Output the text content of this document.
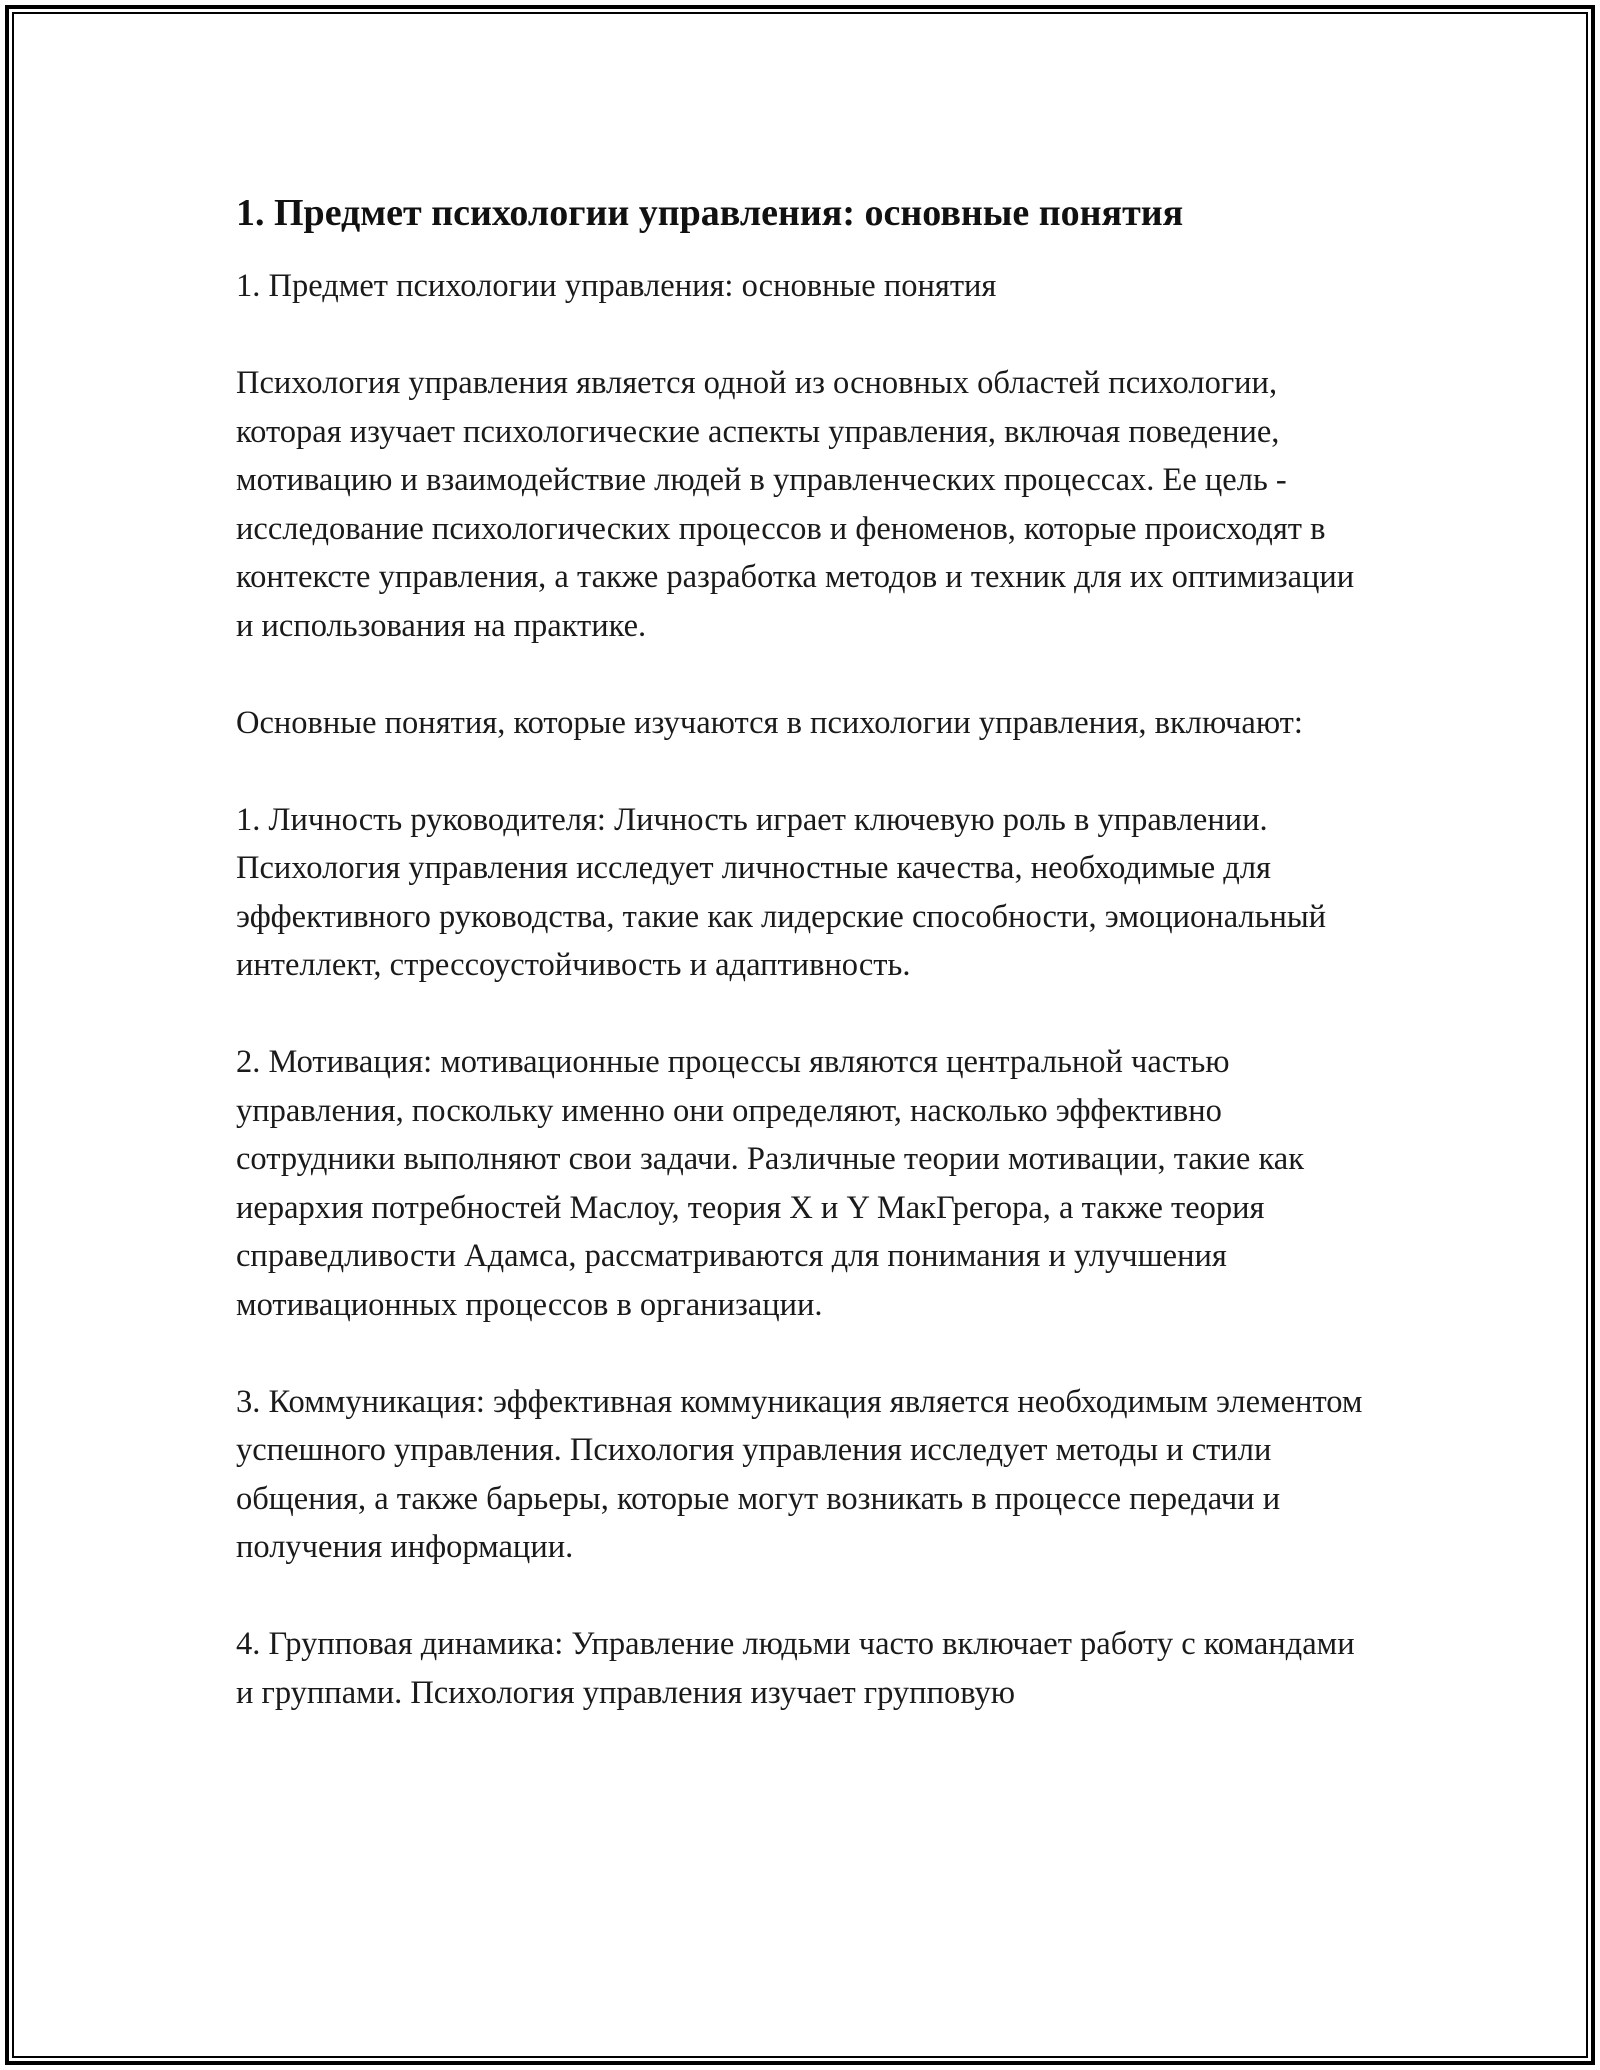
1. Предмет психологии управления: основные понятия

1. Предмет психологии управления: основные понятия

Психология управления является одной из основных областей психологии, которая изучает психологические аспекты управления, включая поведение, мотивацию и взаимодействие людей в управленческих процессах. Ее цель - исследование психологических процессов и феноменов, которые происходят в контексте управления, а также разработка методов и техник для их оптимизации и использования на практике.

Основные понятия, которые изучаются в психологии управления, включают:

1. Личность руководителя: Личность играет ключевую роль в управлении. Психология управления исследует личностные качества, необходимые для эффективного руководства, такие как лидерские способности, эмоциональный интеллект, стрессоустойчивость и адаптивность.

2. Мотивация: мотивационные процессы являются центральной частью управления, поскольку именно они определяют, насколько эффективно сотрудники выполняют свои задачи. Различные теории мотивации, такие как иерархия потребностей Маслоу, теория X и Y МакГрегора, а также теория справедливости Адамса, рассматриваются для понимания и улучшения мотивационных процессов в организации.

3. Коммуникация: эффективная коммуникация является необходимым элементом успешного управления. Психология управления исследует методы и стили общения, а также барьеры, которые могут возникать в процессе передачи и получения информации.

4. Групповая динамика: Управление людьми часто включает работу с командами и группами. Психология управления изучает групповую
